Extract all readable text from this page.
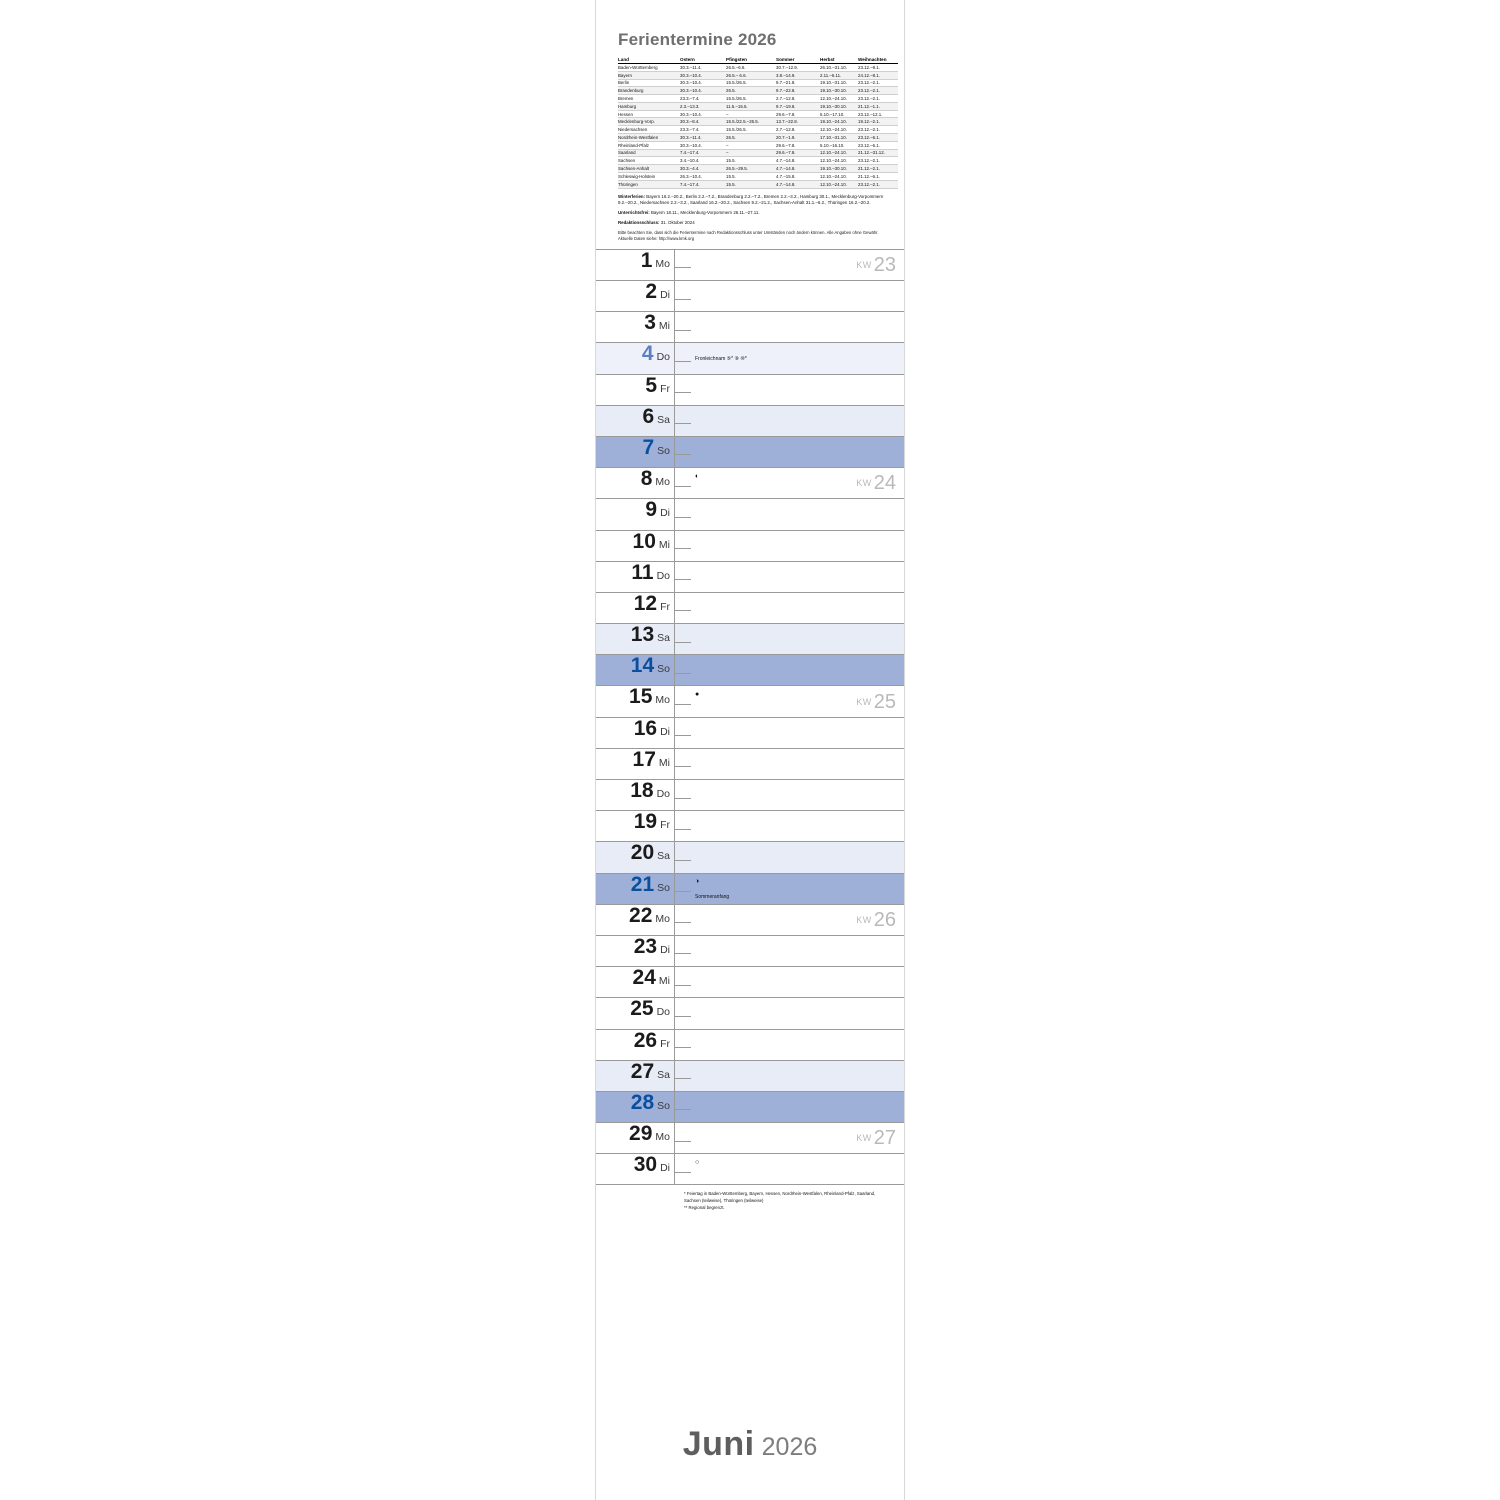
Ferientermine 2026
Land	Ostern	Pfingsten	Sommer	Herbst	Weihnachten
Baden-Württemberg	30.3.–11.4.	26.5.–6.6.	30.7.–12.9.	26.10.–31.10.	23.12.–9.1.
Bayern	30.3.–10.4.	26.5.– 6.6.	3.8.–14.9.	2.11.–6.11.	24.12.–8.1.
Berlin	30.3.–10.4.	15.5./26.5.	9.7.–21.8.	19.10.–31.10.	23.12.–2.1.
Brandenburg	30.3.–10.4.	26.5.	9.7.–22.8.	19.10.–30.10.	23.12.–2.1.
Bremen	23.3.–7.4.	15.5./26.5.	2.7.–12.8.	12.10.–24.10.	23.12.–2.1.
Hamburg	2.3.–13.3.	11.5.–15.5.	9.7.–19.8.	19.10.–30.10.	21.12.–1.1.
Hessen	30.3.–10.4.	–	29.6.–7.8.	5.10.–17.10.	23.12.–12.1.
Mecklenburg-Vorp.	30.3.–8.4.	15.5./22.5.–26.5.	13.7.–22.8.	19.10.–24.10.	19.12.–2.1.
Niedersachsen	23.3.–7.4.	15.5./26.5.	2.7.–12.8.	12.10.–24.10.	23.12.–2.1.
Nordrhein-Westfalen	30.3.–11.4.	26.5.	20.7.–1.9.	17.10.–31.10.	23.12.–6.1.
Rheinland-Pfalz	30.3.–10.4.	–	29.6.–7.8.	5.10.–16.10.	23.12.–6.1.
Saarland	7.4.–17.4.	–	29.6.–7.8.	12.10.–24.10.	21.12.–31.12.
Sachsen	3.4.–10.4.	15.5.	4.7.–14.8.	12.10.–24.10.	23.12.–2.1.
Sachsen-Anhalt	30.3.–4.4.	26.5.–29.5.	4.7.–14.8.	19.10.–30.10.	21.12.–2.1.
Schleswig-Holstein	26.3.–10.4.	15.5.	4.7.–15.8.	12.10.–24.10.	21.12.–6.1.
Thüringen	7.4.–17.4.	15.5.	4.7.–14.8.	12.10.–24.10.	23.12.–2.1.

Winterferien: Bayern 16.2.–20.2., Berlin 2.2.–7.2., Brandenburg 2.2.–7.2., Bremen 2.2.–3.2., Hamburg 30.1., Mecklenburg-Vorpommern 9.2.–20.2., Niedersachsen 2.2.–3.2., Saarland 16.2.–20.2., Sachsen 9.2.–21.2., Sachsen-Anhalt 31.1.–6.2., Thüringen 16.2.–20.2.

Unterrichtsfrei: Bayern 18.11., Mecklenburg-Vorpommern 26.11.–27.11.

Redaktionsschluss: 31. Oktober 2024

Bitte beachten Sie, dass sich die Ferientermine nach Redaktionsschluss unter Umständen noch ändern können. Alle Angaben ohne Gewähr. Aktuelle Daten siehe: http://www.kmk.org

1 Mo	KW 23
2 Di
3 Mi
4 Do	Fronleichnam ⑤* ⑨ ⑩*
5 Fr
6 Sa
7 So
8 Mo	◐
KW 24
9 Di
10 Mi
11 Do
12 Fr
13 Sa
14 So
15 Mo	●
KW 25
16 Di
17 Mi
18 Do
19 Fr
20 Sa
21 So	◑
Sommeranfang
22 Mo	KW 26
23 Di
24 Mi
25 Do
26 Fr
27 Sa
28 So
29 Mo	KW 27
30 Di	○

* Feiertag in Baden-Württemberg, Bayern, Hessen, Nordrhein-Westfalen, Rheinland-Pfalz, Saarland, Sachsen (teilweise), Thüringen (teilweise)

** Regional begrenzt.

Juni 2026
